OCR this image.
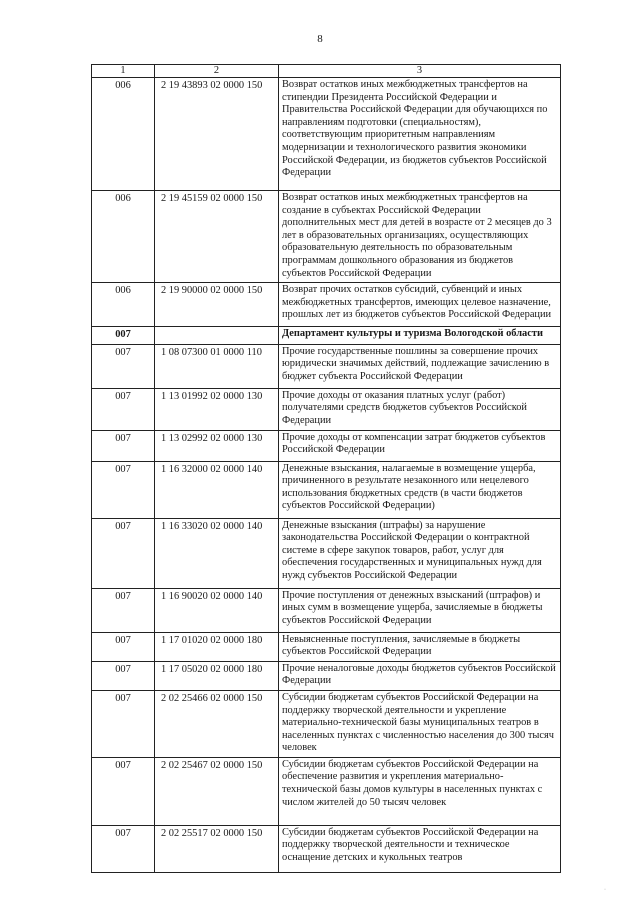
8
1	2	3
006	2 19 43893 02 0000 150	Возврат остатков иных межбюджетных трансфертов на стипендии Президента Российской Федерации и Правительства Российской Федерации для обучающихся по направлениям подготовки (специальностям), соответствующим приоритетным направлениям модернизации и технологического развития экономики Российской Федерации, из бюджетов субъектов Российской Федерации
006	2 19 45159 02 0000 150	Возврат остатков иных межбюджетных трансфертов на создание в субъектах Российской Федерации дополнительных мест для детей в возрасте от 2 месяцев до 3 лет в образовательных организациях, осуществляющих образовательную деятельность по образовательным программам дошкольного образования из бюджетов субъектов Российской Федерации
006	2 19 90000 02 0000 150	Возврат прочих остатков субсидий, субвенций и иных межбюджетных трансфертов, имеющих целевое назначение, прошлых лет из бюджетов субъектов Российской Федерации
007		Департамент культуры и туризма Вологодской области
007	1 08 07300 01 0000 110	Прочие государственные пошлины за совершение прочих юридически значимых действий, подлежащие зачислению в бюджет субъекта Российской Федерации
007	1 13 01992 02 0000 130	Прочие доходы от оказания платных услуг (работ) получателями средств бюджетов субъектов Российской Федерации
007	1 13 02992 02 0000 130	Прочие доходы от компенсации затрат бюджетов субъектов Российской Федерации
007	1 16 32000 02 0000 140	Денежные взыскания, налагаемые в возмещение ущерба, причиненного в результате незаконного или нецелевого использования бюджетных средств (в части бюджетов субъектов Российской Федерации)
007	1 16 33020 02 0000 140	Денежные взыскания (штрафы) за нарушение законодательства Российской Федерации о контрактной системе в сфере закупок товаров, работ, услуг для обеспечения государственных и муниципальных нужд для нужд субъектов Российской Федерации
007	1 16 90020 02 0000 140	Прочие поступления от денежных взысканий (штрафов) и иных сумм в возмещение ущерба, зачисляемые в бюджеты субъектов Российской Федерации
007	1 17 01020 02 0000 180	Невыясненные поступления, зачисляемые в бюджеты субъектов Российской Федерации
007	1 17 05020 02 0000 180	Прочие неналоговые доходы бюджетов субъектов Российской Федерации
007	2 02 25466 02 0000 150	Субсидии бюджетам субъектов Российской Федерации на поддержку творческой деятельности и укрепление материально-технической базы муниципальных театров в населенных пунктах с численностью населения до 300 тысяч человек
007	2 02 25467 02 0000 150	Субсидии бюджетам субъектов Российской Федерации на обеспечение развития и укрепления материально-технической базы домов культуры в населенных пунктах с числом жителей до 50 тысяч человек
007	2 02 25517 02 0000 150	Субсидии бюджетам субъектов Российской Федерации на поддержку творческой деятельности и техническое оснащение детских и кукольных театров
·
